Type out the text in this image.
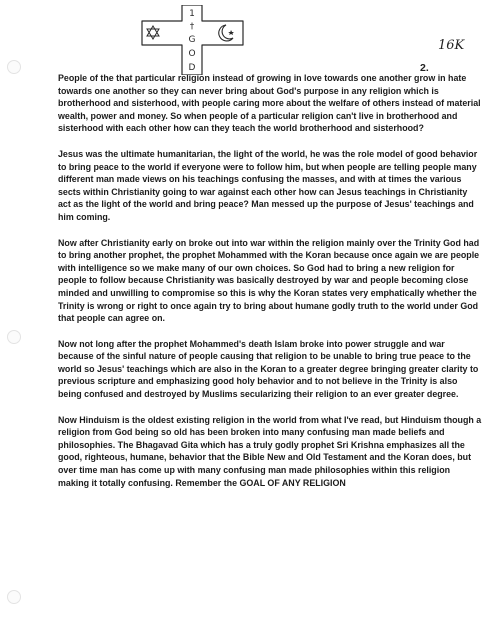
1
†
G
O
D
16K
2.

People of the that particular religion instead of growing in love towards one another grow in hate towards one another so they can never bring about God's purpose in any religion which is brotherhood and sisterhood, with people caring more about the welfare of others instead of material wealth, power and money. So when people of a particular religion can't live in brotherhood and sisterhood with each other how can they teach the world brotherhood and sisterhood?

Jesus was the ultimate humanitarian, the light of the world, he was the role model of good behavior to bring peace to the world if everyone were to follow him, but when people are telling people many different man made views on his teachings confusing the masses, and with at times the various sects within Christianity going to war against each other how can Jesus teachings in Christianity act as the light of the world and bring peace? Man messed up the purpose of Jesus' teachings and him coming.

Now after Christianity early on broke out into war within the religion mainly over the Trinity God had to bring another prophet, the prophet Mohammed with the Koran because once again we are people with intelligence so we make many of our own choices. So God had to bring a new religion for people to follow because Christianity was basically destroyed by war and people becoming close minded and unwilling to compromise so this is why the Koran states very emphatically whether the Trinity is wrong or right to once again try to bring about humane godly truth to the world under God that people can agree on.

Now not long after the prophet Mohammed's death Islam broke into power struggle and war because of the sinful nature of people causing that religion to be unable to bring true peace to the world so Jesus' teachings which are also in the Koran to a greater degree bringing greater clarity to previous scripture and emphasizing good holy behavior and to not believe in the Trinity is also being confused and destroyed by Muslims secularizing their religion to an ever greater degree.

Now Hinduism is the oldest existing religion in the world from what I've read, but Hinduism though a religion from God being so old has been broken into many confusing man made beliefs and philosophies. The Bhagavad Gita which has a truly godly prophet Sri Krishna emphasizes all the good, righteous, humane, behavior that the Bible New and Old Testament and the Koran does, but over time man has come up with many confusing man made philosophies within this religion making it totally confusing. Remember the GOAL OF ANY RELIGION
